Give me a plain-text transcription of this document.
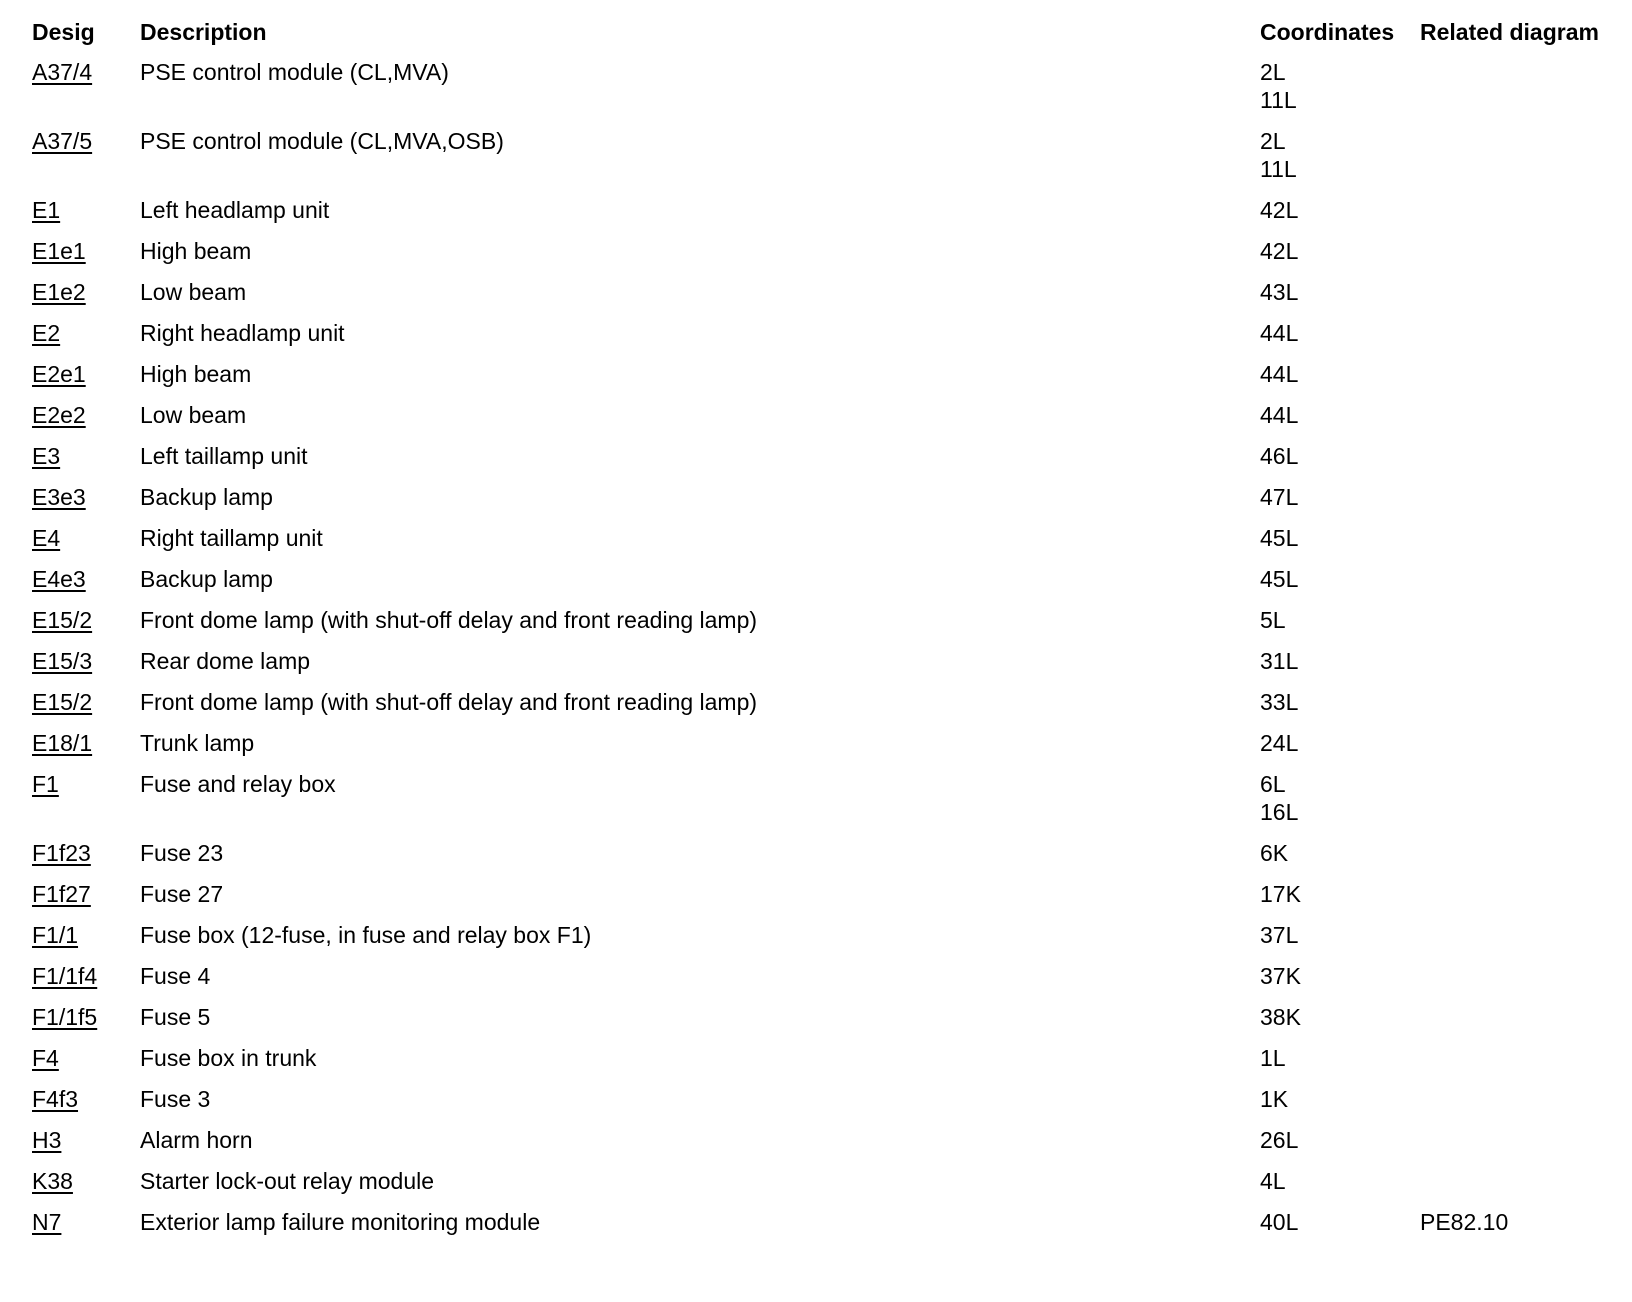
Desig	Description	Coordinates	Related diagram
A37/4	PSE control module (CL,MVA)	2L
11L	

A37/5	PSE control module (CL,MVA,OSB)	2L
11L	

E1	Left headlamp unit	42L	

E1e1	High beam	42L	

E1e2	Low beam	43L	

E2	Right headlamp unit	44L	

E2e1	High beam	44L	

E2e2	Low beam	44L	

E3	Left taillamp unit	46L	

E3e3	Backup lamp	47L	

E4	Right taillamp unit	45L	

E4e3	Backup lamp	45L	

E15/2	Front dome lamp (with shut-off delay and front reading lamp)	5L	

E15/3	Rear dome lamp	31L	

E15/2	Front dome lamp (with shut-off delay and front reading lamp)	33L	

E18/1	Trunk lamp	24L	

F1	Fuse and relay box	6L
16L	

F1f23	Fuse 23	6K	

F1f27	Fuse 27	17K	

F1/1	Fuse box (12-fuse, in fuse and relay box F1)	37L	

F1/1f4	Fuse 4	37K	

F1/1f5	Fuse 5	38K	

F4	Fuse box in trunk	1L	

F4f3	Fuse 3	1K	

H3	Alarm horn	26L	

K38	Starter lock-out relay module	4L	

N7	Exterior lamp failure monitoring module	40L	PE82.10
